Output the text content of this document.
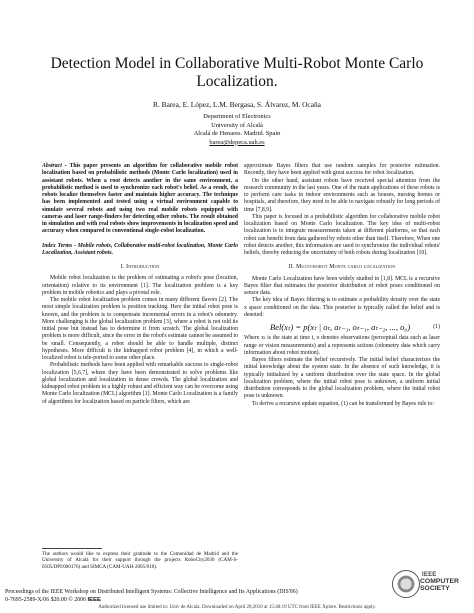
Detection Model in Collaborative Multi-Robot Monte Carlo Localization.
R. Barea, E. López, L.M. Bergasa, S. Álvarez, M. Ocaña
Department of Electronics
University of Alcalá
Alcalá de Henares. Madrid. Spain
barea@depeca.uah.es

Abstract - This paper presents an algorithm for collaborative mobile robot localization based on probabilistic methods (Monte Carlo localization) used in assistant robots. When a root detects another in the same environment, a probabilistic method is used to synchronize each robot's belief. As a result, the robots localize themselves faster and maintain higher accuracy. The technique has been implemented and tested using a virtual environment capable to simulate several robots and using two real mobile robots equipped with cameras and laser range-finders for detecting other robots. The result obtained in simulation and with real robots show improvements in localization speed and accuracy when compared to conventional single-robot localization.

Index Terms - Mobile robots, Collaborative multi-robot localization, Monte Carlo Localization, Assistant robots.

I. Introduction

Mobile robot localization is the problem of estimating a robot's pose (location, orientation) relative to its environment [1]. The localization problem is a key problem in mobile robotics and plays a pivotal role.

The mobile robot localization problem comes in many different flavors [2]. The most simple localization problem is position tracking. Here the initial robot pose is known, and the problem is to compensate incremental errors in a robot's odometry. More challenging is the global localization problem [3], where a robot is not told its initial pose but instead has to determine it from scratch. The global localization problem is more difficult, since the error in the robot's estimate cannot be assumed to be small. Consequently, a robot should be able to handle multiple, distinct hypotheses. More difficult is the kidnapped robot problem [4], in which a well-localized robot is tele-ported to some other place.

Probabilistic methods have been applied with remarkable success to single-robot localization [5,6,7], where they have been demonstrated to solve problems like global localization and localization in dense crowds. The global localization and kidnapped robot problem in a highly robust and efficient way can be overcome using Monte Carlo localization (MCL) algorithm [1]. Monte Carlo Localization is a family of algorithms for localization based on particle filters, which are

The authors would like to express their gratitude to the Comunidad de Madrid and the University of Alcalá for their support through the projects RoboCity2030 (CAM-S-0505/DPI/000176) and SIMCA (CAM-UAH-2005/018).

approximate Bayes filters that use random samples for posterior estimation. Recently, they have been applied with great success for robot localization.

On the other hand, assistant robots have received special attention from the research community in the last years. One of the main applications of these robots is to perform care tasks in indoor environments such as houses, nursing homes or hospitals, and therefore, they need to be able to navigate robustly for long periods of time [7,8,9].

This paper is focused in a probabilistic algorithm for collaborative mobile robot localization based on Monte Carlo localization. The key idea of multi-robot localization is to integrate measurements taken at different platforms, so that each robot can benefit from data gathered by robots other than itself. Therefore, When one robot detects another, this information are used to synchronize the individual robots' beliefs, thereby reducing the uncertainty of both robots during localization [10].

II. Multi-robot Monte carlo localization

Monte Carlo Localization have been widely studied in [1,8]. MCL is a recursive Bayes filter that estimates the posterior distribution of robot poses conditioned on sensor data.

The key idea of Bayes filtering is to estimate a probability density over the state x space conditioned on the data. This posterior is typically called the belief and is denoted:

Bel(xₜ) = p(xₜ | oₜ, aₜ₋₁, oₜ₋₁, aₜ₋₂, ..., o₀)	(1)

Where xₜ is the state at time t, o denotes observations (perceptual data such as laser range or vision measurements) and a represents actions (odometry data which carry information about robot motion).

Bayes filters estimate the belief recursively. The initial belief characterizes the initial knowledge about the system state. In the absence of such knowledge, it is typically initialized by a uniform distribution over the state space. In the global localization problem, where the initial robot pose is unknown, a uniform initial distribution corresponds to the global localization problem, where the initial robot pose is unknown.

To derive a recursive update equation, (1) can be transformed by Bayes rule to:

Proceedings of the IEEE Workshop on Distributed Intelligent Systems: Collective Intelligence and Its Applications (DIS'06)
0-7695-2589-X/06 $20.00 © 2006 IEEE
Authorized licensed use limited to: Univ de Alcala. Downloaded on April 20,2010 at 15:40:19 UTC from IEEE Xplore. Restrictions apply.
IEEE
COMPUTER
SOCIETY
